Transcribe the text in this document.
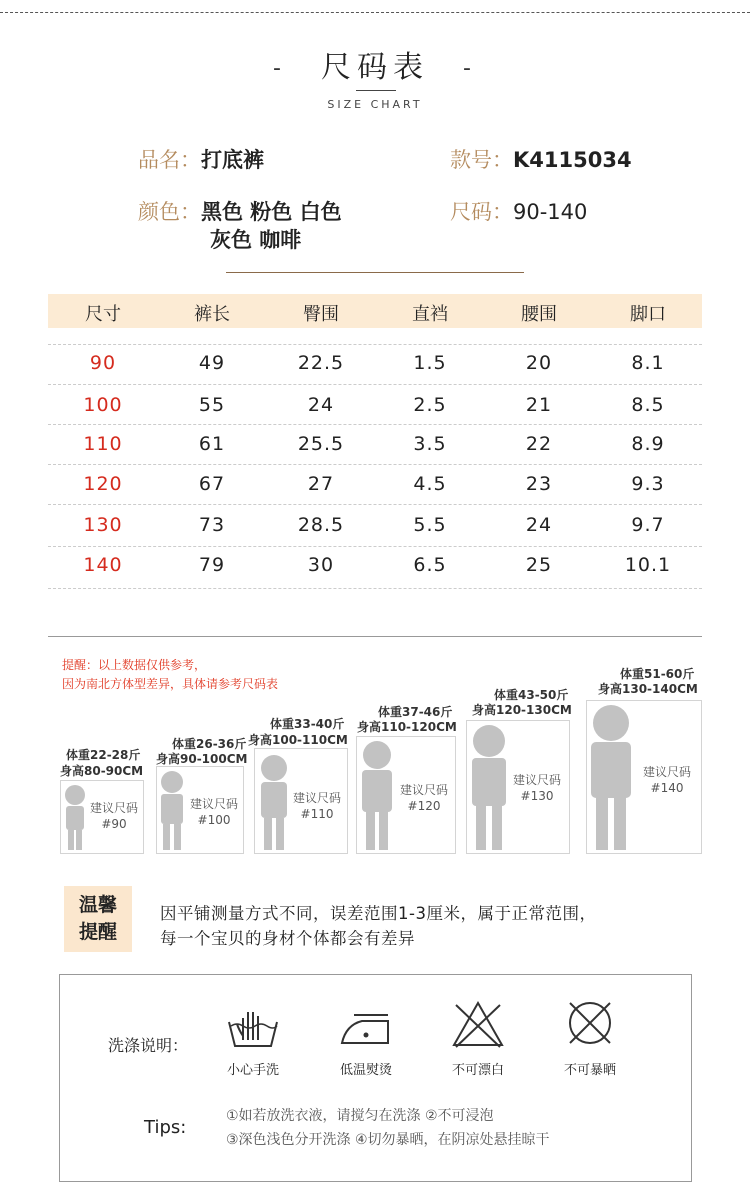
- 尺码表 -
SIZE CHART
品名：打底裤	款号：K4115034
颜色：黑色 粉色 白色
灰色 咖啡
尺码：90-140
尺寸	裤长	臀围	直裆	腰围	脚口
90	49	22.5	1.5	20	8.1
100	55	24	2.5	21	8.5
110	61	25.5	3.5	22	8.9
120	67	27	4.5	23	9.3
130	73	28.5	5.5	24	9.7
140	79	30	6.5	25	10.1
提醒：以上数据仅供参考，
因为南北方体型差异，具体请参考尺码表
体重22-28斤
身高80-90CM
建议尺码
#90
体重26-36斤
身高90-100CM
建议尺码
#100
体重33-40斤
身高100-110CM
建议尺码
#110
体重37-46斤
身高110-120CM
建议尺码
#120
体重43-50斤
身高120-130CM
建议尺码
#130
体重51-60斤
身高130-140CM
建议尺码
#140
温馨
提醒
因平铺测量方式不同，误差范围1-3厘米，属于正常范围，
每一个宝贝的身材个体都会有差异
洗涤说明：
小心手洗	低温熨烫	不可漂白	不可暴晒
Tips:
①如若放洗衣液，请搅匀在洗涤 ②不可浸泡
③深色浅色分开洗涤 ④切勿暴晒，在阴凉处悬挂晾干
